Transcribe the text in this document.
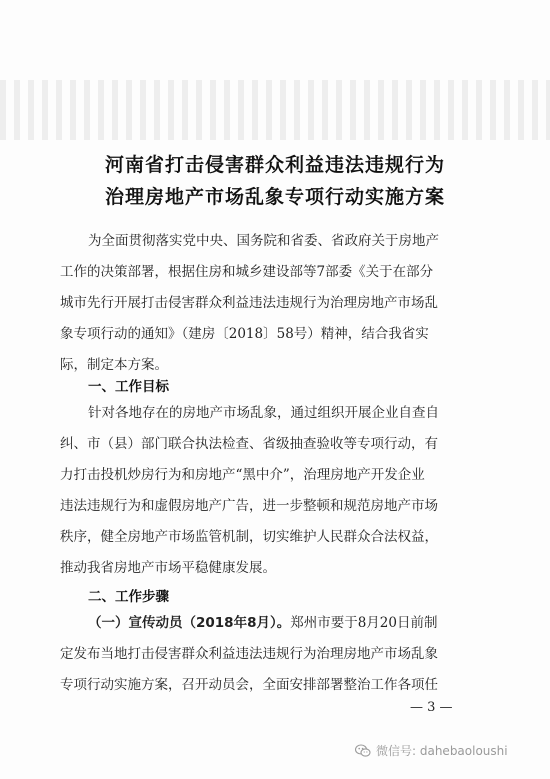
河南省打击侵害群众利益违法违规行为
治理房地产市场乱象专项行动实施方案
为全面贯彻落实党中央、国务院和省委、省政府关于房地产
工作的决策部署，根据住房和城乡建设部等7部委《关于在部分
城市先行开展打击侵害群众利益违法违规行为治理房地产市场乱
象专项行动的通知》（建房〔2018〕58号）精神，结合我省实
际，制定本方案。
一、工作目标
针对各地存在的房地产市场乱象，通过组织开展企业自查自
纠、市（县）部门联合执法检查、省级抽查验收等专项行动，有
力打击投机炒房行为和房地产“黑中介”，治理房地产开发企业
违法违规行为和虚假房地产广告，进一步整顿和规范房地产市场
秩序，健全房地产市场监管机制，切实维护人民群众合法权益，
推动我省房地产市场平稳健康发展。
二、工作步骤
（一）宣传动员（2018年8月）。郑州市要于8月20日前制
定发布当地打击侵害群众利益违法违规行为治理房地产市场乱象
专项行动实施方案，召开动员会，全面安排部署整治工作各项任
— 3 —
微信号: dahebaoloushi
